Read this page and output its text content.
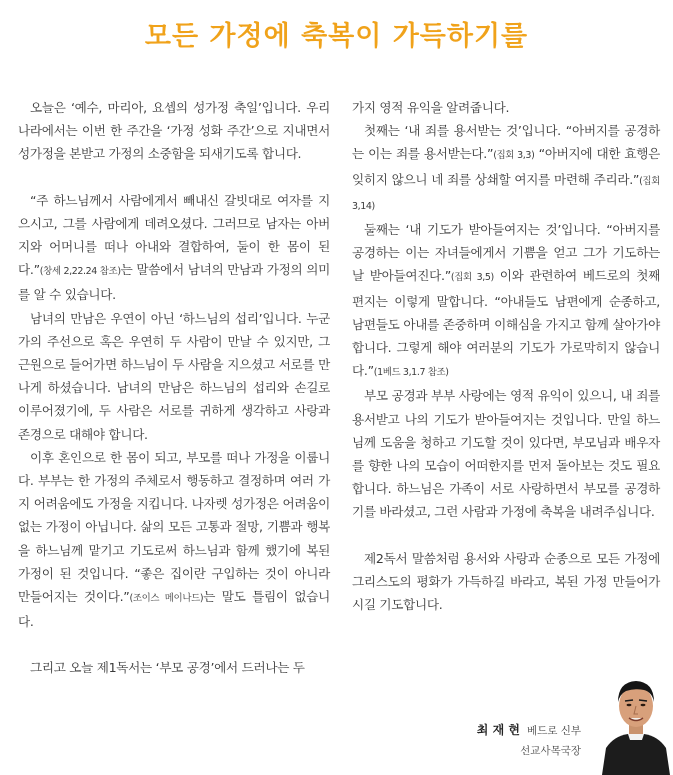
모든 가정에 축복이 가득하기를

오늘은 ‘예수, 마리아, 요셉의 성가정 축일’입니다. 우리나라에서는 이번 한 주간을 ‘가정 성화 주간’으로 지내면서 성가정을 본받고 가정의 소중함을 되새기도록 합니다.

“주 하느님께서 사람에게서 빼내신 갈빗대로 여자를 지으시고, 그를 사람에게 데려오셨다. 그러므로 남자는 아버지와 어머니를 떠나 아내와 결합하여, 둘이 한 몸이 된다.”(창세 2,22.24 참조)는 말씀에서 남녀의 만남과 가정의 의미를 알 수 있습니다.

남녀의 만남은 우연이 아닌 ‘하느님의 섭리’입니다. 누군가의 주선으로 혹은 우연히 두 사람이 만날 수 있지만, 그 근원으로 들어가면 하느님이 두 사람을 지으셨고 서로를 만나게 하셨습니다. 남녀의 만남은 하느님의 섭리와 손길로 이루어졌기에, 두 사람은 서로를 귀하게 생각하고 사랑과 존경으로 대해야 합니다.

이후 혼인으로 한 몸이 되고, 부모를 떠나 가정을 이룹니다. 부부는 한 가정의 주체로서 행동하고 결정하며 여러 가지 어려움에도 가정을 지킵니다. 나자렛 성가정은 어려움이 없는 가정이 아닙니다. 삶의 모든 고통과 절망, 기쁨과 행복을 하느님께 맡기고 기도로써 하느님과 함께 했기에 복된 가정이 된 것입니다. “좋은 집이란 구입하는 것이 아니라 만들어지는 것이다.”(조이스 메이나드)는 말도 틀림이 없습니다.

그리고 오늘 제1독서는 ‘부모 공경’에서 드러나는 두

가지 영적 유익을 알려줍니다.

첫째는 ‘내 죄를 용서받는 것’입니다. “아버지를 공경하는 이는 죄를 용서받는다.”(집회 3,3) “아버지에 대한 효행은 잊히지 않으니 네 죄를 상쇄할 여지를 마련해 주리라.”(집회 3,14)

둘째는 ‘내 기도가 받아들여지는 것’입니다. “아버지를 공경하는 이는 자녀들에게서 기쁨을 얻고 그가 기도하는 날 받아들여진다.”(집회 3,5) 이와 관련하여 베드로의 첫째 편지는 이렇게 말합니다. “아내들도 남편에게 순종하고, 남편들도 아내를 존중하며 이해심을 가지고 함께 살아가야 합니다. 그렇게 해야 여러분의 기도가 가로막히지 않습니다.”(1베드 3,1.7 참조)

부모 공경과 부부 사랑에는 영적 유익이 있으니, 내 죄를 용서받고 나의 기도가 받아들여지는 것입니다. 만일 하느님께 도움을 청하고 기도할 것이 있다면, 부모님과 배우자를 향한 나의 모습이 어떠한지를 먼저 돌아보는 것도 필요합니다. 하느님은 가족이 서로 사랑하면서 부모를 공경하기를 바라셨고, 그런 사람과 가정에 축복을 내려주십니다.

제2독서 말씀처럼 용서와 사랑과 순종으로 모든 가정에 그리스도의 평화가 가득하길 바라고, 복된 가정 만들어가시길 기도합니다.

최 재 현 베드로 신부
선교사목국장
